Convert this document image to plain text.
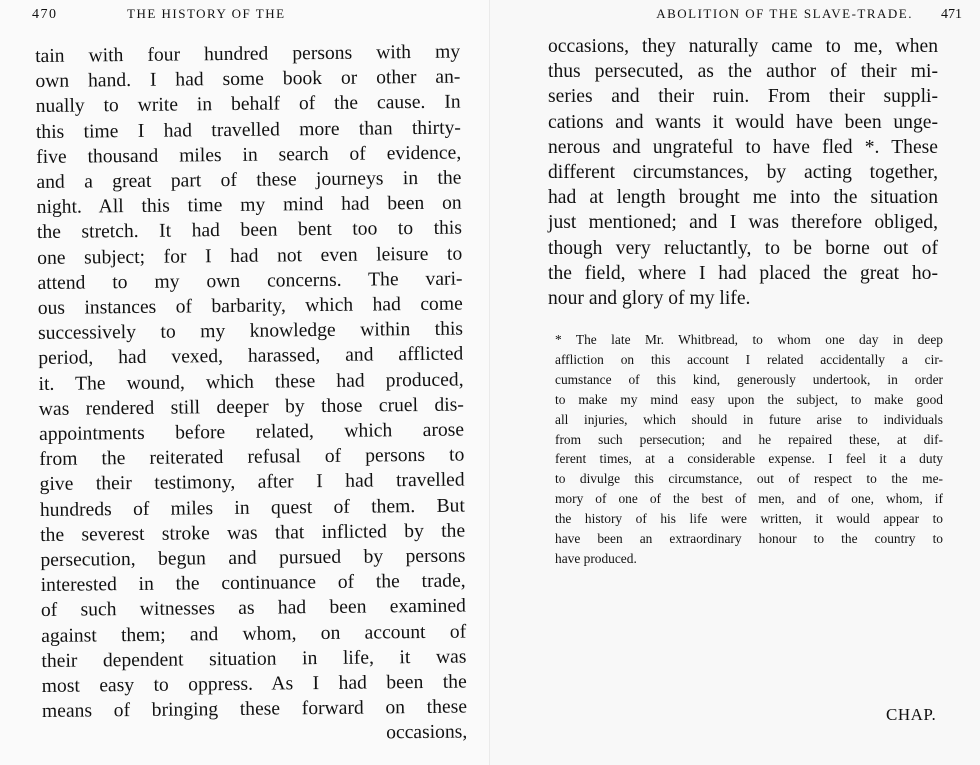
470	THE HISTORY OF THE
tain with four hundred persons with my
own hand. I had some book or other an-
nually to write in behalf of the cause. In
this time I had travelled more than thirty-
five thousand miles in search of evidence,
and a great part of these journeys in the
night. All this time my mind had been on
the stretch. It had been bent too to this
one subject; for I had not even leisure to
attend to my own concerns. The vari-
ous instances of barbarity, which had come
successively to my knowledge within this
period, had vexed, harassed, and afflicted
it. The wound, which these had produced,
was rendered still deeper by those cruel dis-
appointments before related, which arose
from the reiterated refusal of persons to
give their testimony, after I had travelled
hundreds of miles in quest of them. But
the severest stroke was that inflicted by the
persecution, begun and pursued by persons
interested in the continuance of the trade,
of such witnesses as had been examined
against them; and whom, on account of
their dependent situation in life, it was
most easy to oppress. As I had been the
means of bringing these forward on these
occasions,
ABOLITION OF THE SLAVE-TRADE. 471
occasions, they naturally came to me, when
thus persecuted, as the author of their mi-
series and their ruin. From their suppli-
cations and wants it would have been unge-
nerous and ungrateful to have fled *. These
different circumstances, by acting together,
had at length brought me into the situation
just mentioned; and I was therefore obliged,
though very reluctantly, to be borne out of
the field, where I had placed the great ho-
nour and glory of my life.
* The late Mr. Whitbread, to whom one day in deep
affliction on this account I related accidentally a cir-
cumstance of this kind, generously undertook, in order
to make my mind easy upon the subject, to make good
all injuries, which should in future arise to individuals
from such persecution; and he repaired these, at dif-
ferent times, at a considerable expense. I feel it a duty
to divulge this circumstance, out of respect to the me-
mory of one of the best of men, and of one, whom, if
the history of his life were written, it would appear to
have been an extraordinary honour to the country to
have produced.
CHAP.
